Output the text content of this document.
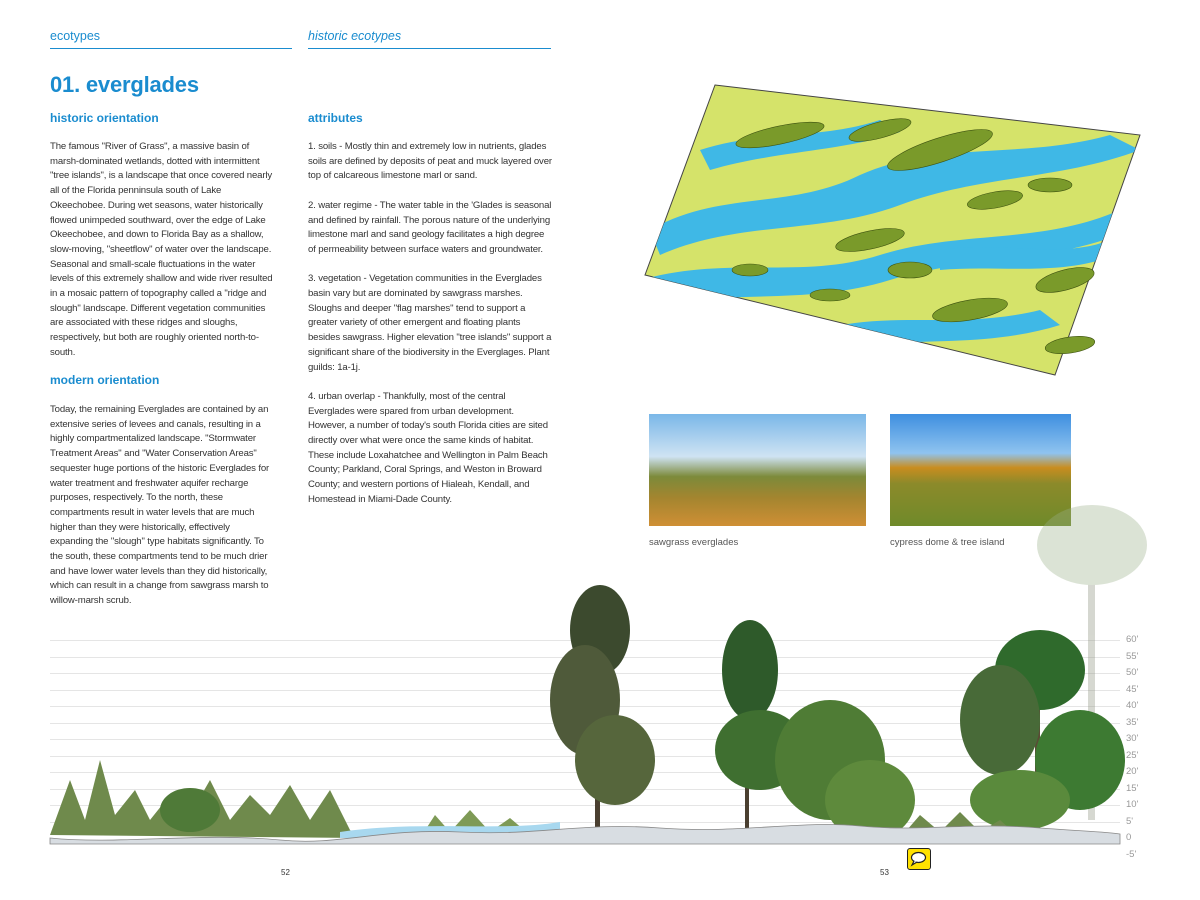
ecotypes	historic ecotypes
01. everglades
historic orientation

The famous "River of Grass", a massive basin of marsh-dominated wetlands, dotted with intermittent "tree islands", is a landscape that once covered nearly all of the Florida penninsula south of Lake Okeechobee. During wet seasons, water historically flowed unimpeded southward, over the edge of Lake Okeechobee, and down to Florida Bay as a shallow, slow-moving, "sheetflow" of water over the landscape. Seasonal and small-scale fluctuations in the water levels of this extremely shallow and wide river resulted in a mosaic pattern of topography called a "ridge and slough" landscape. Different vegetation communities are associated with these ridges and sloughs, respectively, but both are roughly oriented north-to-south.

modern orientation

Today, the remaining Everglades are contained by an extensive series of levees and canals, resulting in a highly compartmentalized landscape. "Stormwater Treatment Areas" and "Water Conservation Areas" sequester huge portions of the historic Everglades for water treatment and freshwater aquifer recharge purposes, respectively. To the north, these compartments result in water levels that are much higher than they were historically, effectively expanding the "slough" type habitats significantly. To the south, these compartments tend to be much drier and have lower water levels than they did historically, which can result in a change from sawgrass marsh to willow-marsh scrub.

attributes

1. soils - Mostly thin and extremely low in nutrients, glades soils are defined by deposits of peat and muck layered over top of calcareous limestone marl or sand.

2. water regime - The water table in the 'Glades is seasonal and defined by rainfall. The porous nature of the underlying limestone marl and sand geology facilitates a high degree of permeability between surface waters and groundwater.

3. vegetation - Vegetation communities in the Everglades basin vary but are dominated by sawgrass marshes. Sloughs and deeper "flag marshes" tend to support a greater variety of other emergent and floating plants besides sawgrass. Higher elevation "tree islands" support a significant share of the biodiversity in the Everglages. Plant guilds: 1a-1j.

4. urban overlap - Thankfully, most of the central Everglades were spared from urban development. However, a number of today's south Florida cities are sited directly over what were once the same kinds of habitat. These include Loxahatchee and Wellington in Palm Beach County; Parkland, Coral Springs, and Weston in Broward County; and western portions of Hialeah, Kendall, and Homestead in Miami-Dade County.

sawgrass everglades	cypress dome & tree island
60'
55'
50'
45'
40'
35'
30'
25'
20'
15'
10'
5'
0
-5'
52	53
